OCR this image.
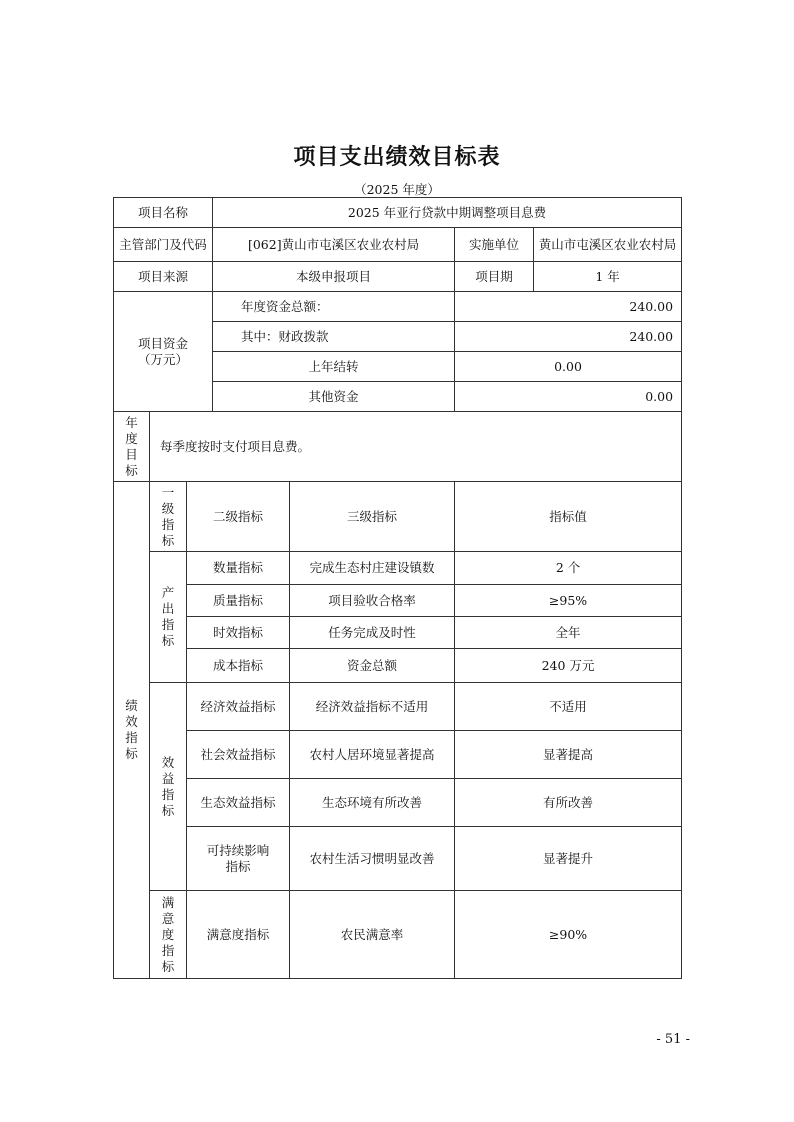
项目支出绩效目标表
（2025 年度）
项目名称			2025 年亚行贷款中期调整项目息费			
主管部门及代码			[062]黄山市屯溪区农业农村局		实施单位	黄山市屯溪区农业农村局
项目来源			本级申报项目		项目期	1 年
项目资金（万元）			年度资金总额：		240.00	
			其中：财政拨款		240.00	
			上年结转		0.00	
			其他资金		0.00	
年度目标	每季度按时支付项目息费。					
绩效指标	一级指标	二级指标		三级指标	指标值	
	产出指标	数量指标		完成生态村庄建设镇数	2 个	
		质量指标		项目验收合格率	≥95%	
		时效指标		任务完成及时性	全年	
		成本指标		资金总额	240 万元	
	效益指标	经济效益指标		经济效益指标不适用	不适用	
		社会效益指标		农村人居环境显著提高	显著提高	
		生态效益指标		生态环境有所改善	有所改善	
		可持续影响指标		农村生活习惯明显改善	显著提升	
	满意度指标	满意度指标		农民满意率	≥90%	
- 51 -
